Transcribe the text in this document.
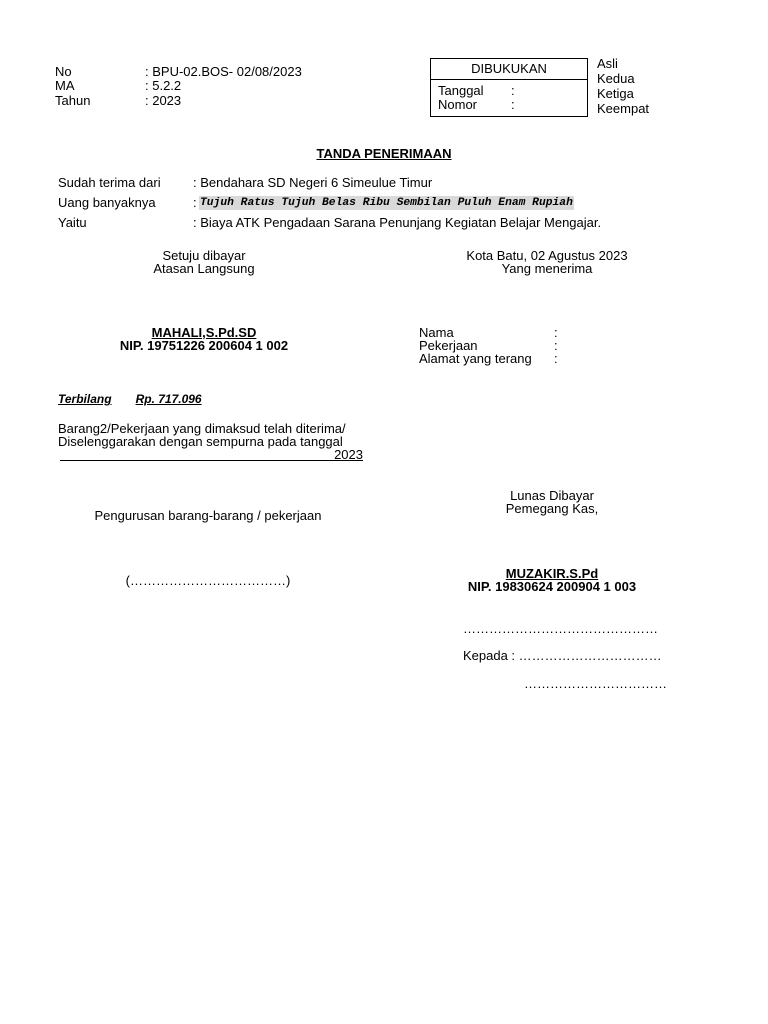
No	: BPU-02.BOS- 02/08/2023
MA	: 5.2.2
Tahun	: 2023
DIBUKUKAN
Tanggal :
Nomor	:
Asli
Kedua
Ketiga
Keempat
TANDA PENERIMAAN
Sudah terima dari : Bendahara SD Negeri 6 Simeulue Timur
Uang banyaknya	: Tujuh Ratus Tujuh Belas Ribu Sembilan Puluh Enam Rupiah
Yaitu	: Biaya ATK Pengadaan Sarana Penunjang Kegiatan Belajar Mengajar.
Setuju dibayar
Atasan Langsung
MAHALI,S.Pd.SD
NIP. 19751226 200604 1 002
Kota Batu, 02 Agustus 2023
Yang menerima
Nama	:
Pekerjaan	:
Alamat yang terang :
Terbilang Rp. 717.096
Barang2/Pekerjaan yang dimaksud telah diterima/
Diselenggarakan dengan sempurna pada tanggal
2023
Pengurusan barang-barang / pekerjaan
(………………………………)
Lunas Dibayar
Pemegang Kas,
MUZAKIR.S.Pd
NIP. 19830624 200904 1 003
………………………………………
Kepada : ……………………………
……………………………
